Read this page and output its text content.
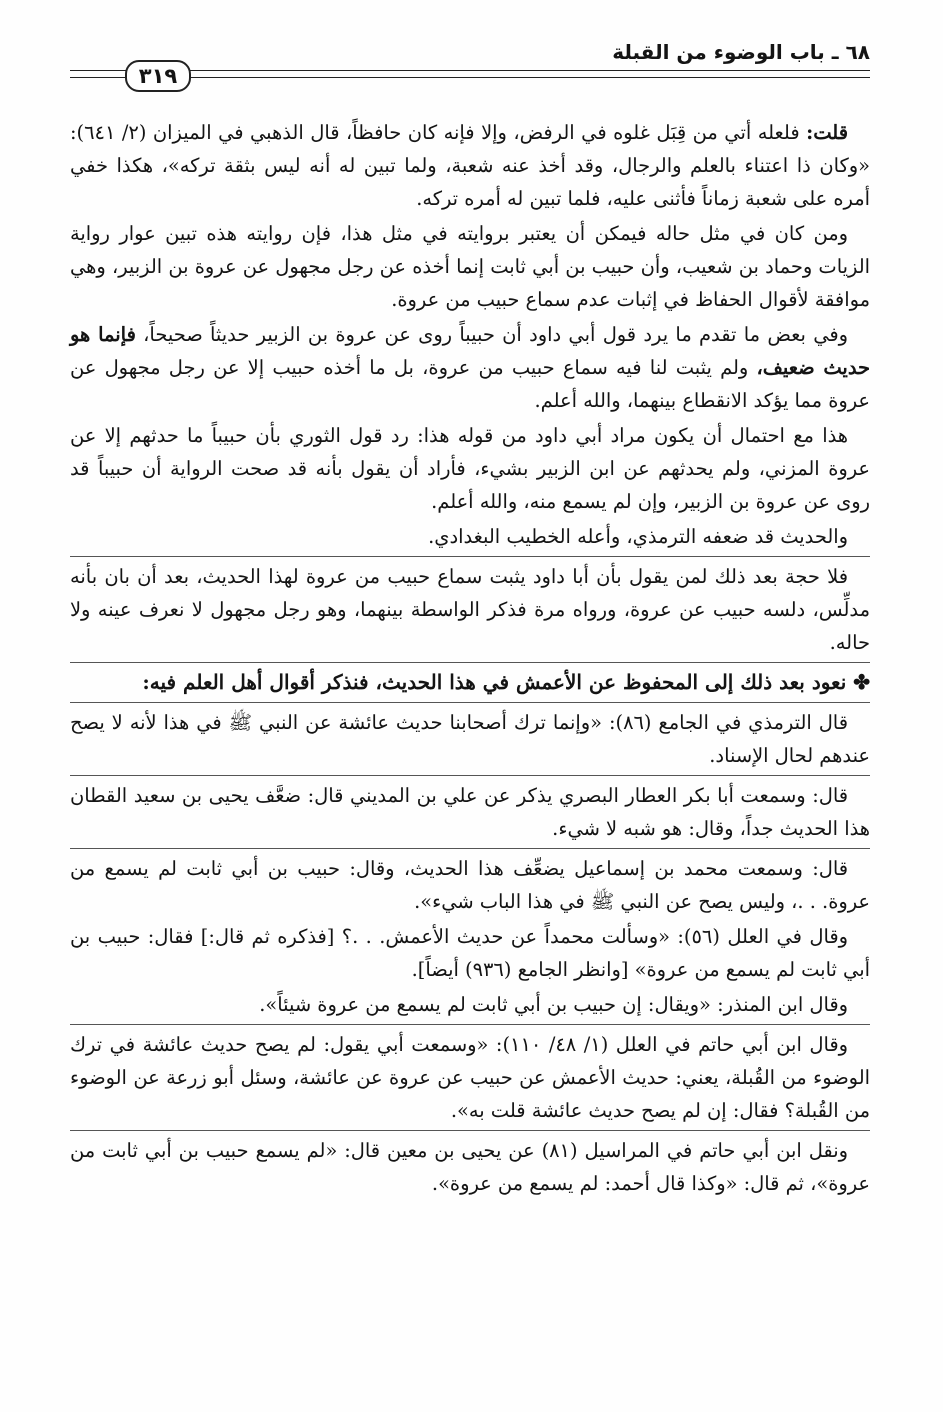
٦٨ ـ باب الوضوء من القبلة
٣١٩

قلت: فلعله أتي من قِبَل غلوه في الرفض، وإلا فإنه كان حافظاً، قال الذهبي في الميزان (٢/ ٦٤١): «وكان ذا اعتناء بالعلم والرجال، وقد أخذ عنه شعبة، ولما تبين له أنه ليس بثقة تركه»، هكذا خفي أمره على شعبة زماناً فأثنى عليه، فلما تبين له أمره تركه.

ومن كان في مثل حاله فيمكن أن يعتبر بروايته في مثل هذا، فإن روايته هذه تبين عوار رواية الزيات وحماد بن شعيب، وأن حبيب بن أبي ثابت إنما أخذه عن رجل مجهول عن عروة بن الزبير، وهي موافقة لأقوال الحفاظ في إثبات عدم سماع حبيب من عروة.

وفي بعض ما تقدم ما يرد قول أبي داود أن حبيباً روى عن عروة بن الزبير حديثاً صحيحاً، فإنما هو حديث ضعيف، ولم يثبت لنا فيه سماع حبيب من عروة، بل ما أخذه حبيب إلا عن رجل مجهول عن عروة مما يؤكد الانقطاع بينهما، والله أعلم.

هذا مع احتمال أن يكون مراد أبي داود من قوله هذا: رد قول الثوري بأن حبيباً ما حدثهم إلا عن عروة المزني، ولم يحدثهم عن ابن الزبير بشيء، فأراد أن يقول بأنه قد صحت الرواية أن حبيباً قد روى عن عروة بن الزبير، وإن لم يسمع منه، والله أعلم.

والحديث قد ضعفه الترمذي، وأعله الخطيب البغدادي.

فلا حجة بعد ذلك لمن يقول بأن أبا داود يثبت سماع حبيب من عروة لهذا الحديث، بعد أن بان بأنه مدلِّس، دلسه حبيب عن عروة، ورواه مرة فذكر الواسطة بينهما، وهو رجل مجهول لا نعرف عينه ولا حاله.

✤ نعود بعد ذلك إلى المحفوظ عن الأعمش في هذا الحديث، فنذكر أقوال أهل العلم فيه:

قال الترمذي في الجامع (٨٦): «وإنما ترك أصحابنا حديث عائشة عن النبي ﷺ في هذا لأنه لا يصح عندهم لحال الإسناد.

قال: وسمعت أبا بكر العطار البصري يذكر عن علي بن المديني قال: ضعَّف يحيى بن سعيد القطان هذا الحديث جداً، وقال: هو شبه لا شيء.

قال: وسمعت محمد بن إسماعيل يضعِّف هذا الحديث، وقال: حبيب بن أبي ثابت لم يسمع من عروة. . .، وليس يصح عن النبي ﷺ في هذا الباب شيء».

وقال في العلل (٥٦): «وسألت محمداً عن حديث الأعمش. . .؟ [فذكره ثم قال:] فقال: حبيب بن أبي ثابت لم يسمع من عروة» [وانظر الجامع (٩٣٦) أيضاً].

وقال ابن المنذر: «ويقال: إن حبيب بن أبي ثابت لم يسمع من عروة شيئاً».

وقال ابن أبي حاتم في العلل (١/ ٤٨/ ١١٠): «وسمعت أبي يقول: لم يصح حديث عائشة في ترك الوضوء من القُبلة، يعني: حديث الأعمش عن حبيب عن عروة عن عائشة، وسئل أبو زرعة عن الوضوء من القُبلة؟ فقال: إن لم يصح حديث عائشة قلت به».

ونقل ابن أبي حاتم في المراسيل (٨١) عن يحيى بن معين قال: «لم يسمع حبيب بن أبي ثابت من عروة»، ثم قال: «وكذا قال أحمد: لم يسمع من عروة».
